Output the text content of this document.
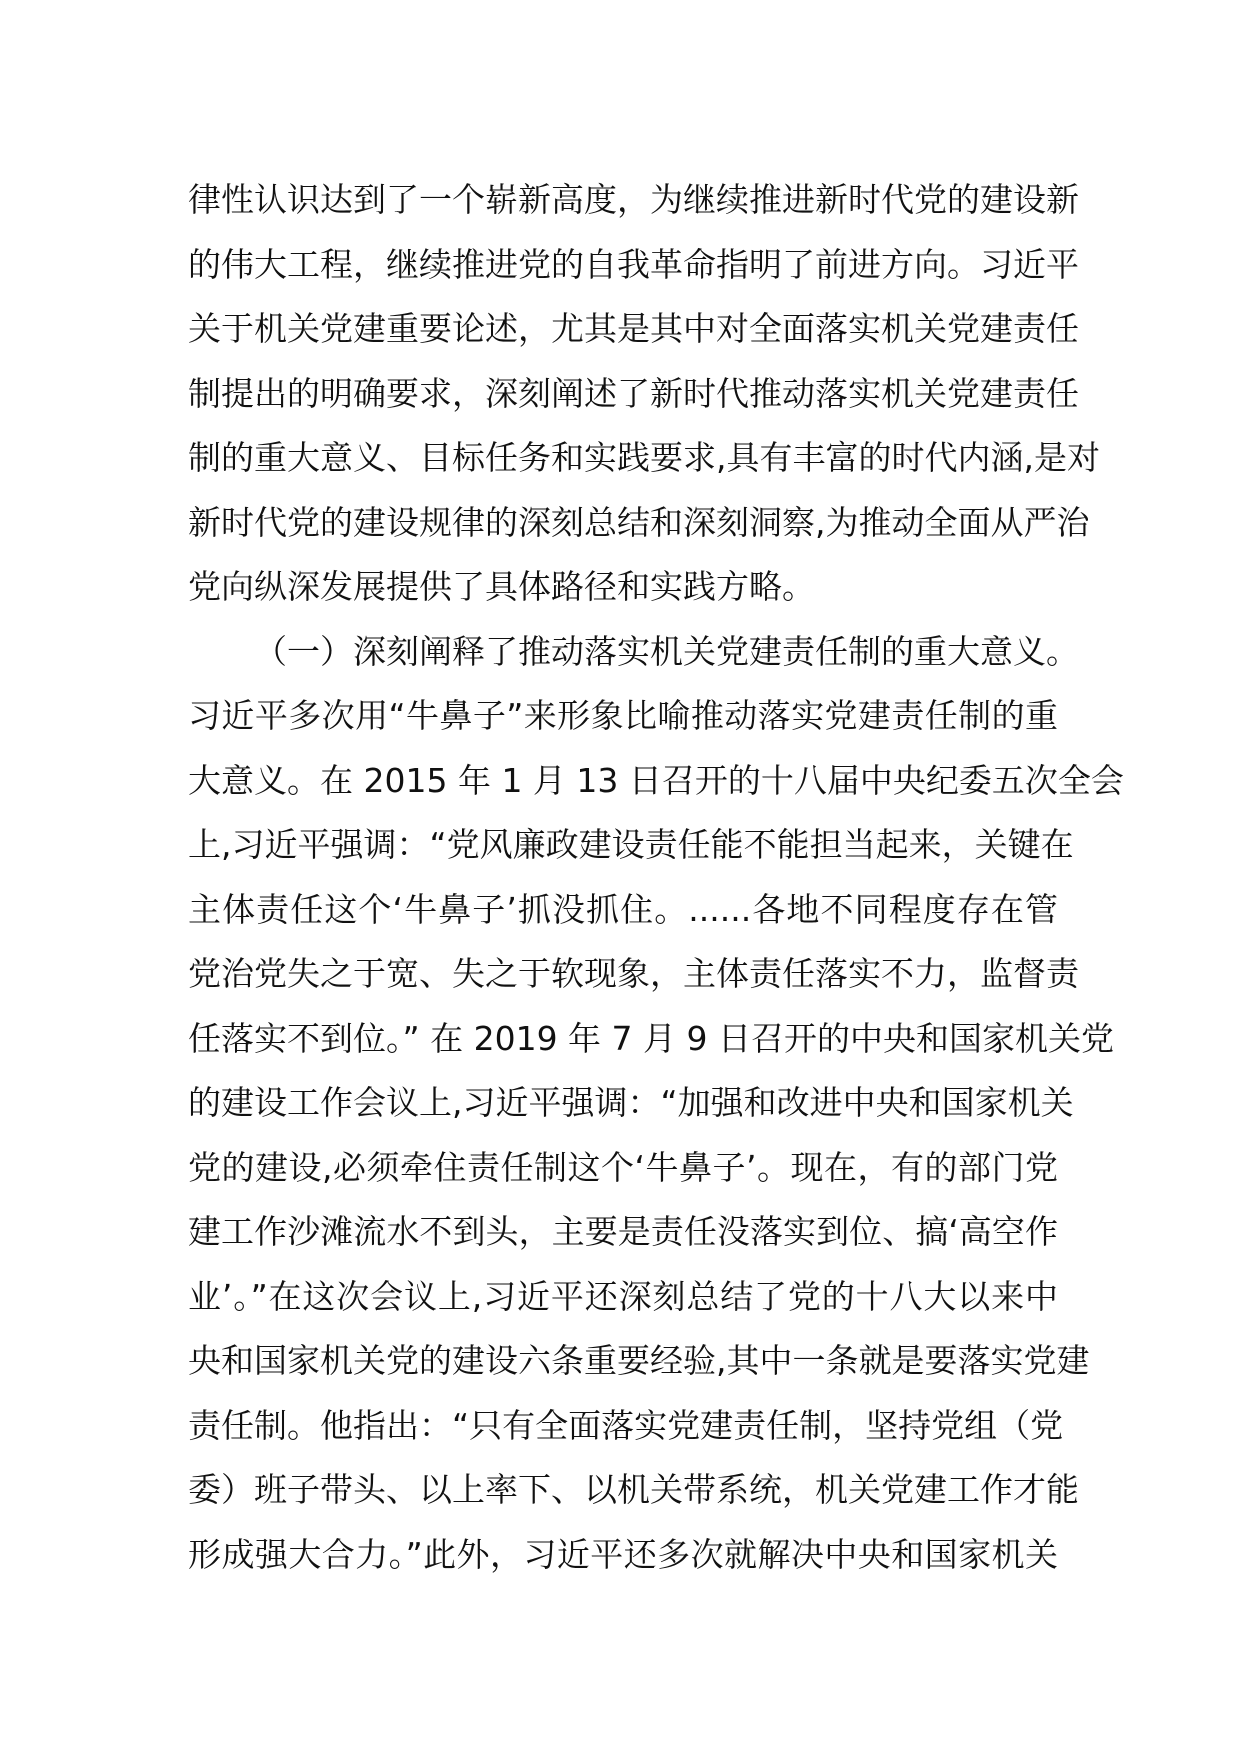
律性认识达到了一个崭新高度，为继续推进新时代党的建设新
的伟大工程，继续推进党的自我革命指明了前进方向。习近平
关于机关党建重要论述，尤其是其中对全面落实机关党建责任
制提出的明确要求，深刻阐述了新时代推动落实机关党建责任
制的重大意义、目标任务和实践要求,具有丰富的时代内涵,是对
新时代党的建设规律的深刻总结和深刻洞察,为推动全面从严治
党向纵深发展提供了具体路径和实践方略。
（一）深刻阐释了推动落实机关党建责任制的重大意义。
习近平多次用“牛鼻子”来形象比喻推动落实党建责任制的重
大意义。在 2015 年 1 月 13 日召开的十八届中央纪委五次全会
上,习近平强调：“党风廉政建设责任能不能担当起来，关键在
主体责任这个‘牛鼻子’抓没抓住。......各地不同程度存在管
党治党失之于宽、失之于软现象，主体责任落实不力，监督责
任落实不到位。” 在 2019 年 7 月 9 日召开的中央和国家机关党
的建设工作会议上,习近平强调：“加强和改进中央和国家机关
党的建设,必须牵住责任制这个‘牛鼻子’。现在，有的部门党
建工作沙滩流水不到头，主要是责任没落实到位、搞‘高空作
业’。”在这次会议上,习近平还深刻总结了党的十八大以来中
央和国家机关党的建设六条重要经验,其中一条就是要落实党建
责任制。他指出：“只有全面落实党建责任制，坚持党组（党
委）班子带头、以上率下、以机关带系统，机关党建工作才能
形成强大合力。”此外，习近平还多次就解决中央和国家机关
